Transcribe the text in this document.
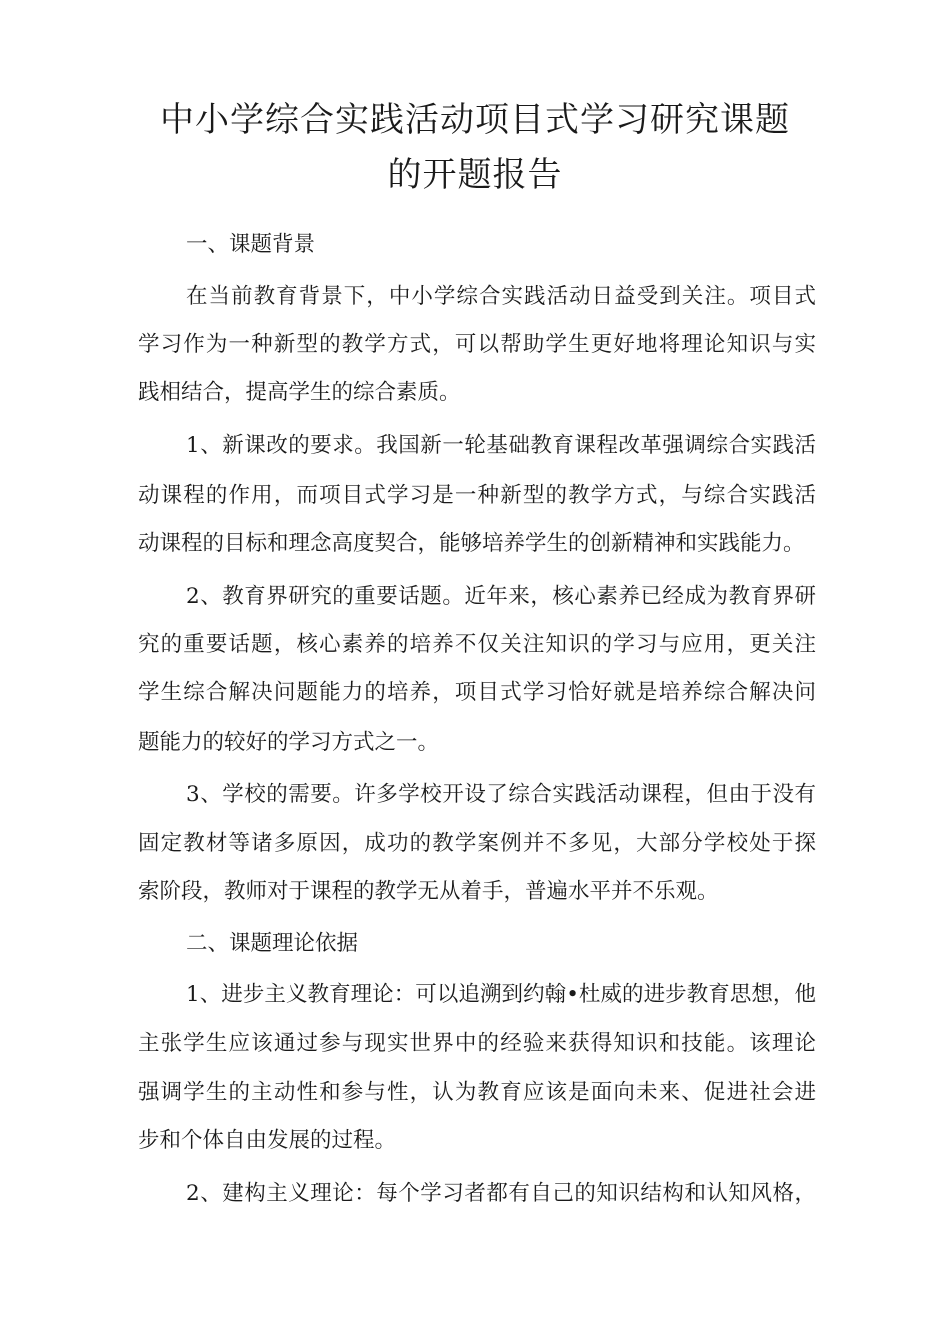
中小学综合实践活动项目式学习研究课题
的开题报告
一、课题背景
在当前教育背景下，中小学综合实践活动日益受到关注。项目式
学习作为一种新型的教学方式，可以帮助学生更好地将理论知识与实
践相结合，提高学生的综合素质。
1、新课改的要求。我国新一轮基础教育课程改革强调综合实践活
动课程的作用，而项目式学习是一种新型的教学方式，与综合实践活
动课程的目标和理念高度契合，能够培养学生的创新精神和实践能力。
2、教育界研究的重要话题。近年来，核心素养已经成为教育界研
究的重要话题，核心素养的培养不仅关注知识的学习与应用，更关注
学生综合解决问题能力的培养，项目式学习恰好就是培养综合解决问
题能力的较好的学习方式之一。
3、学校的需要。许多学校开设了综合实践活动课程，但由于没有
固定教材等诸多原因，成功的教学案例并不多见，大部分学校处于探
索阶段，教师对于课程的教学无从着手，普遍水平并不乐观。
二、课题理论依据
1、进步主义教育理论：可以追溯到约翰•杜威的进步教育思想，他
主张学生应该通过参与现实世界中的经验来获得知识和技能。该理论
强调学生的主动性和参与性，认为教育应该是面向未来、促进社会进
步和个体自由发展的过程。
2、建构主义理论：每个学习者都有自己的知识结构和认知风格，
